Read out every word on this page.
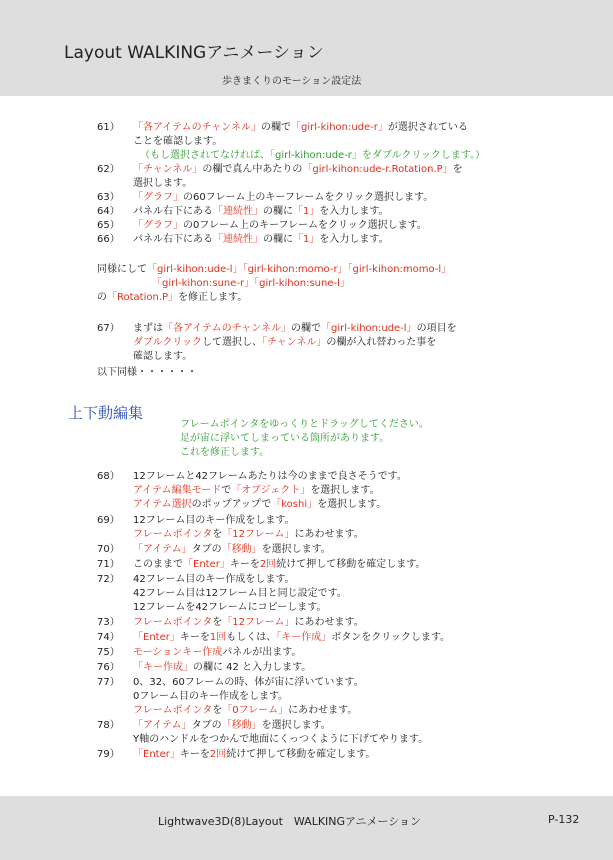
Layout WALKINGアニメーション
歩きまくりのモーション設定法
61） 「各アイテムのチャンネル」の欄で「girl-kihon:ude-r」が選択されている
ことを確認します。
（もし選択されてなければ、「girl-kihon:ude-r」をダブルクリックします。）
62） 「チャンネル」の欄で真ん中あたりの「girl-kihon:ude-r.Rotation.P」を
選択します。
63） 「グラフ」の60フレーム上のキーフレームをクリック選択します。
64） パネル右下にある「連続性」の欄に「1」を入力します。
65） 「グラフ」の0フレーム上のキーフレームをクリック選択します。
66） パネル右下にある「連続性」の欄に「1」を入力します。
同様にして「girl-kihon:ude-l」「girl-kihon:momo-r」「girl-kihon:momo-l」
「girl-kihon:sune-r」「girl-kihon:sune-l」
の「Rotation.P」を修正します。
67） まずは「各アイテムのチャンネル」の欄で「girl-kihon:ude-l」の項目を
ダブルクリックして選択し、「チャンネル」の欄が入れ替わった事を
確認します。
以下同様・・・・・・
上下動編集
フレームポインタをゆっくりとドラッグしてください。
足が宙に浮いてしまっている箇所があります。
これを修正します。
68） 12フレームと42フレームあたりは今のままで良さそうです。
アイテム編集モードで「オブジェクト」を選択します。
アイテム選択のポップアップで「koshi」を選択します。
69） 12フレーム目のキー作成をします。
フレームポインタを「12フレーム」にあわせます。
70） 「アイテム」タブの「移動」を選択します。
71） このままで「Enter」キーを2回続けて押して移動を確定します。
72） 42フレーム目のキー作成をします。
42フレーム目は12フレーム目と同じ設定です。
12フレームを42フレームにコピーします。
73） フレームポインタを「12フレーム」にあわせます。
74） 「Enter」キーを1回もしくは、「キー作成」ボタンをクリックします。
75） モーションキー作成パネルが出ます。
76） 「キー作成」の欄に 42 と入力します。
77） 0、32、60フレームの時、体が宙に浮いています。
0フレーム目のキー作成をします。
フレームポインタを「0フレーム」にあわせます。
78） 「アイテム」タブの「移動」を選択します。
Y軸のハンドルをつかんで地面にくっつくように下げてやります。
79） 「Enter」キーを2回続けて押して移動を確定します。
Lightwave3D(8)Layout　WALKINGアニメーション	P-132
